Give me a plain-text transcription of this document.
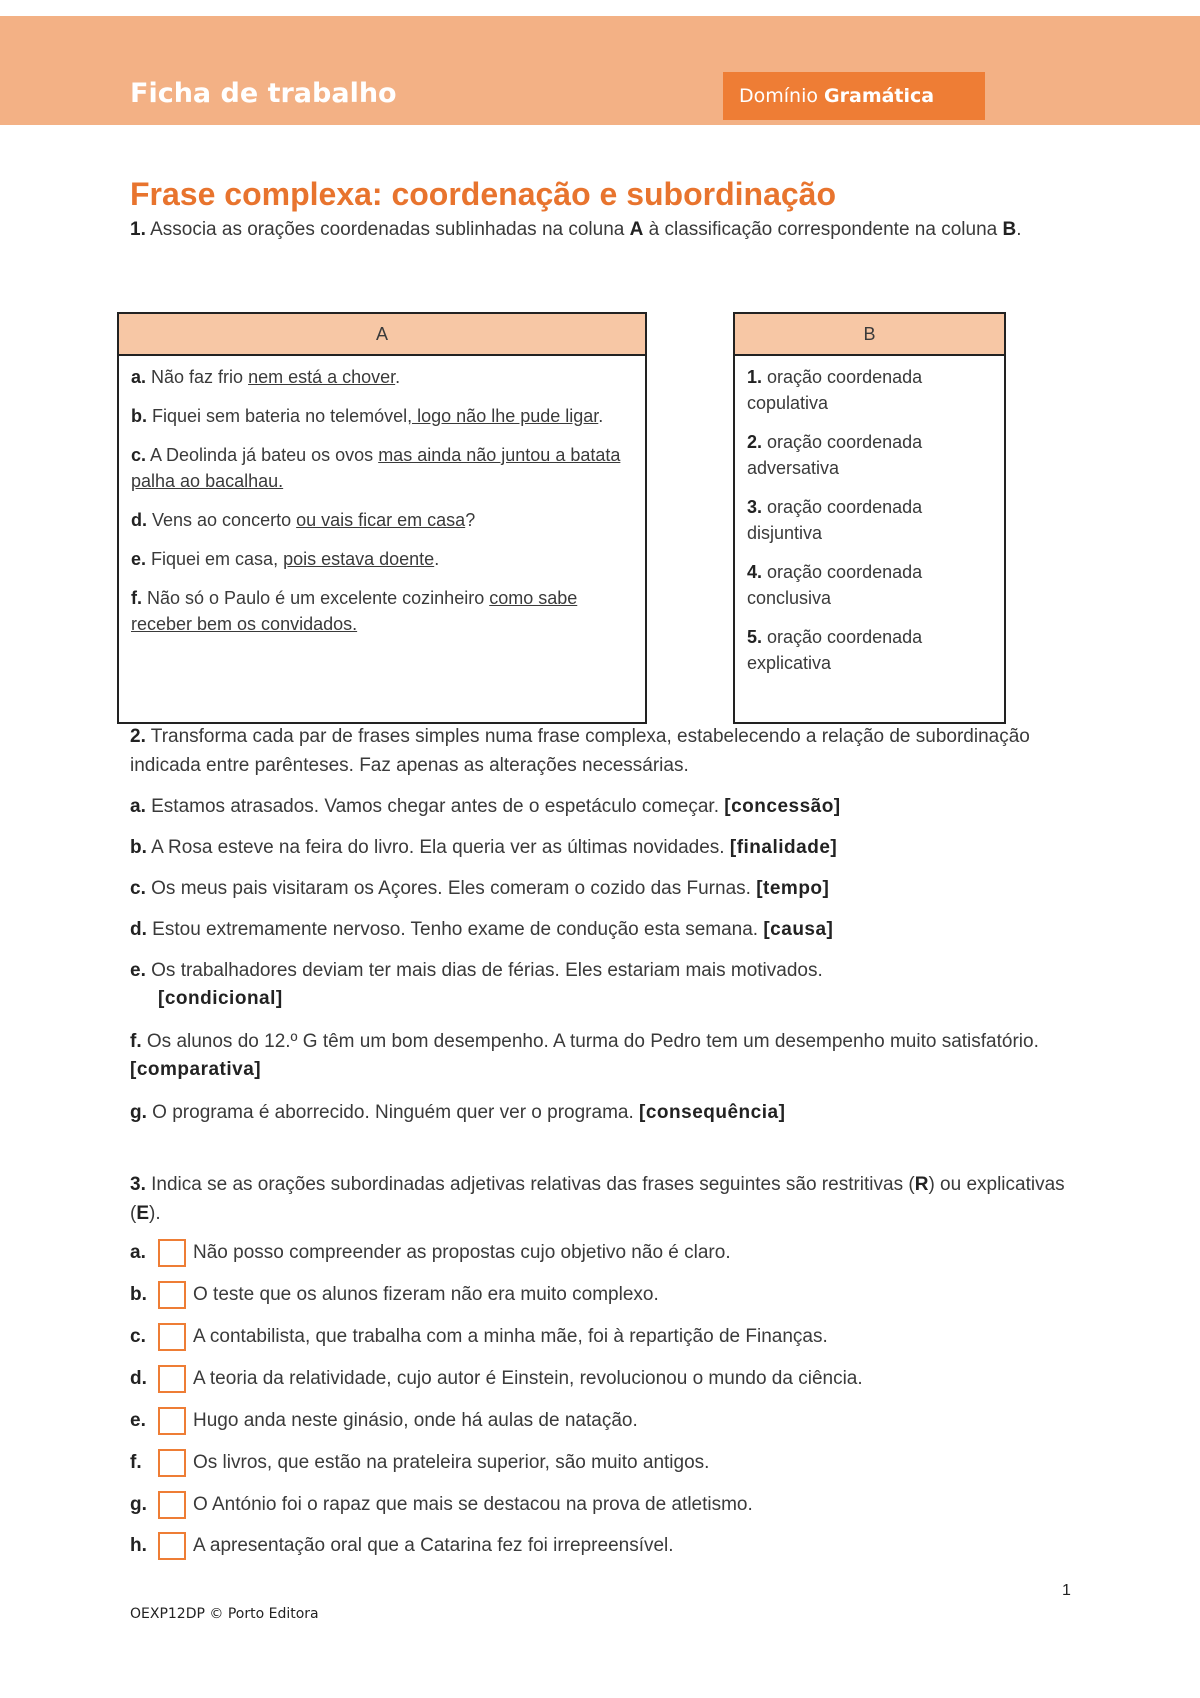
Ficha de trabalho	Domínio Gramática
Frase complexa: coordenação e subordinação
1. Associa as orações coordenadas sublinhadas na coluna A à classificação correspondente na coluna B.
A

a. Não faz frio nem está a chover.
b. Fiquei sem bateria no telemóvel, logo não lhe pude ligar.
c. A Deolinda já bateu os ovos mas ainda não juntou a batata palha ao bacalhau.
d. Vens ao concerto ou vais ficar em casa?
e. Fiquei em casa, pois estava doente.
f. Não só o Paulo é um excelente cozinheiro como sabe receber bem os convidados.
B

1. oração coordenada copulativa
2. oração coordenada adversativa
3. oração coordenada disjuntiva
4. oração coordenada conclusiva
5. oração coordenada explicativa
2. Transforma cada par de frases simples numa frase complexa, estabelecendo a relação de subordinação indicada entre parênteses. Faz apenas as alterações necessárias.
a. Estamos atrasados. Vamos chegar antes de o espetáculo começar. [concessão]
b. A Rosa esteve na feira do livro. Ela queria ver as últimas novidades. [finalidade]
c. Os meus pais visitaram os Açores. Eles comeram o cozido das Furnas. [tempo]
d. Estou extremamente nervoso. Tenho exame de condução esta semana. [causa]
e. Os trabalhadores deviam ter mais dias de férias. Eles estariam mais motivados.
[condicional]
f. Os alunos do 12.º G têm um bom desempenho. A turma do Pedro tem um desempenho muito satisfatório. [comparativa]
g. O programa é aborrecido. Ninguém quer ver o programa. [consequência]
3. Indica se as orações subordinadas adjetivas relativas das frases seguintes são restritivas (R) ou explicativas (E).
a. Não posso compreender as propostas cujo objetivo não é claro.
b. O teste que os alunos fizeram não era muito complexo.
c. A contabilista, que trabalha com a minha mãe, foi à repartição de Finanças.
d. A teoria da relatividade, cujo autor é Einstein, revolucionou o mundo da ciência.
e. Hugo anda neste ginásio, onde há aulas de natação.
f.	Os livros, que estão na prateleira superior, são muito antigos.
g. O António foi o rapaz que mais se destacou na prova de atletismo.
h. A apresentação oral que a Catarina fez foi irrepreensível.
1
OEXP12DP © Porto Editora
